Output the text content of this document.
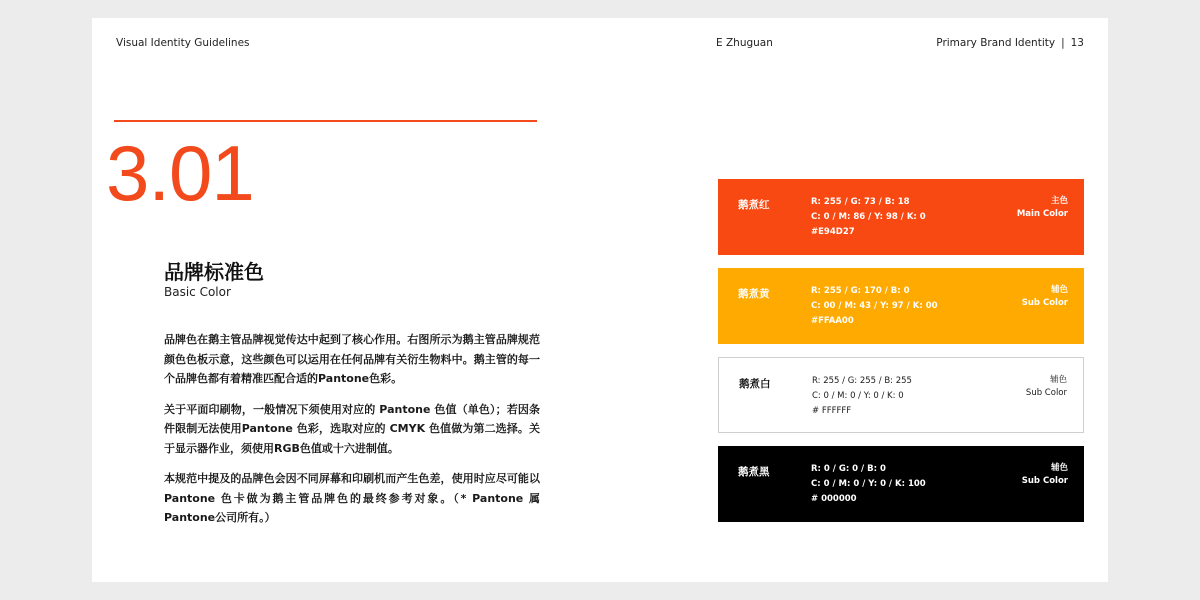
Visual Identity Guidelines	E Zhuguan	Primary Brand Identity | 13
3.01
品牌标准色
Basic Color

品牌色在鹅主管品牌视觉传达中起到了核心作用。右图所示为鹅主管品牌规范颜色色板示意，这些颜色可以运用在任何品牌有关衍生物料中。鹅主管的每一个品牌色都有着精准匹配合适的Pantone色彩。

关于平面印刷物，一般情况下须使用对应的 Pantone 色值（单色）；若因条件限制无法使用Pantone 色彩，选取对应的 CMYK 色值做为第二选择。关于显示器作业，须使用RGB色值或十六进制值。

本规范中提及的品牌色会因不同屏幕和印刷机而产生色差，使用时应尽可能以 Pantone 色卡做为鹅主管品牌色的最终参考对象。（* Pantone 属Pantone公司所有。）

鹅煮红	R: 255 / G: 73 / B: 18
C: 0 / M: 86 / Y: 98 / K: 0
#E94D27
主色
Main Color
鹅煮黄	R: 255 / G: 170 / B: 0
C: 00 / M: 43 / Y: 97 / K: 00
#FFAA00
辅色
Sub Color
鹅煮白	R: 255 / G: 255 / B: 255
C: 0 / M: 0 / Y: 0 / K: 0
# FFFFFF
辅色
Sub Color
鹅煮黑	R: 0 / G: 0 / B: 0
C: 0 / M: 0 / Y: 0 / K: 100
# 000000
辅色
Sub Color
